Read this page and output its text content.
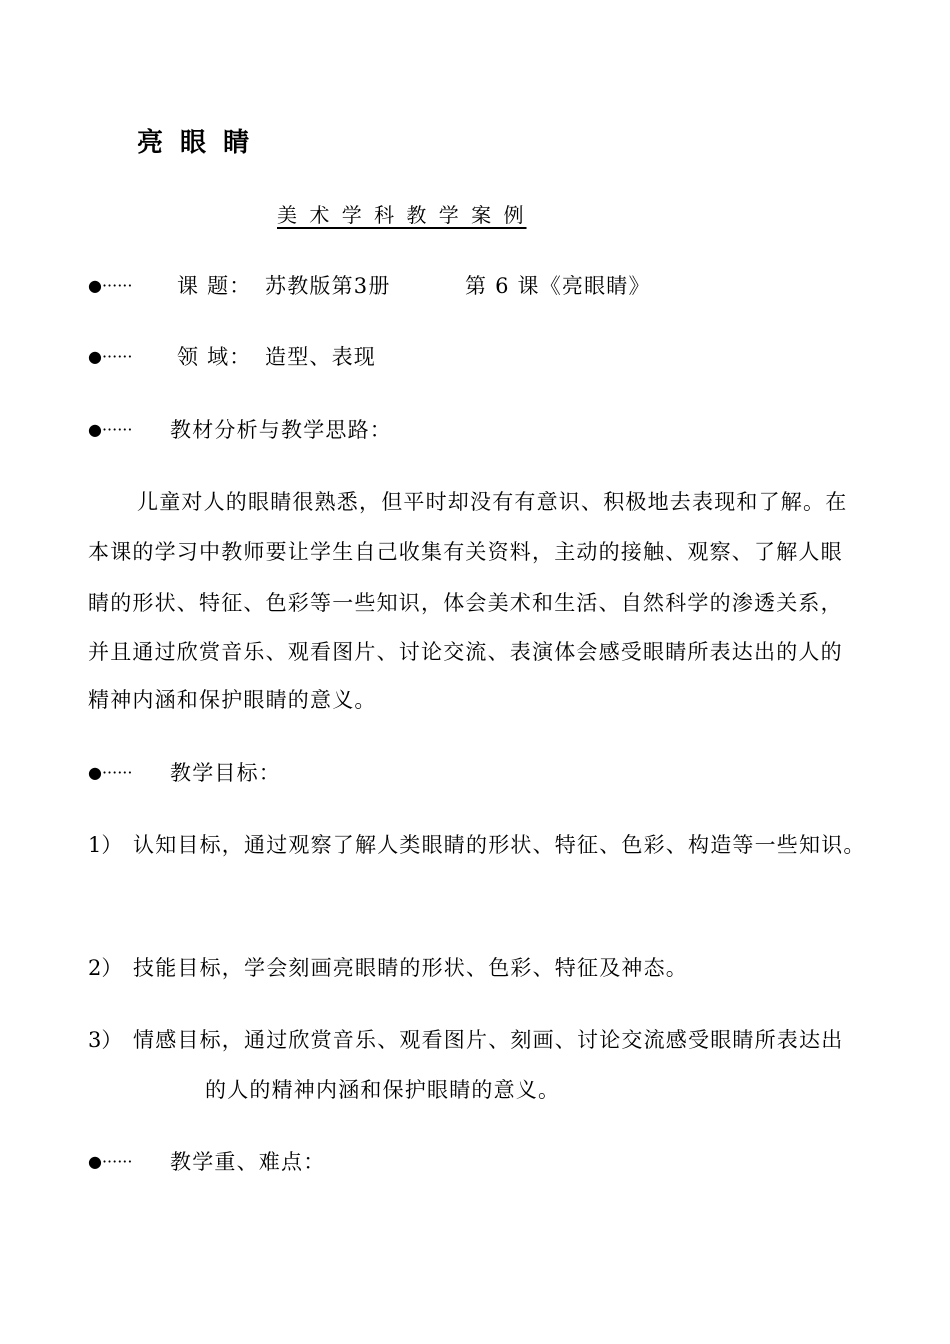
亮 眼 睛
美 术 学 科 教 学 案 例
●······ 课 题： 苏教版第3册	第 6 课《亮眼睛》
●······ 领 域： 造型、表现
●······ 教材分析与教学思路：
儿童对人的眼睛很熟悉，但平时却没有有意识、积极地去表现和了解。在
本课的学习中教师要让学生自己收集有关资料，主动的接触、观察、了解人眼
睛的形状、特征、色彩等一些知识，体会美术和生活、自然科学的渗透关系，
并且通过欣赏音乐、观看图片、讨论交流、表演体会感受眼睛所表达出的人的
精神内涵和保护眼睛的意义。
●······ 教学目标：
1） 认知目标，通过观察了解人类眼睛的形状、特征、色彩、构造等一些知识。
2） 技能目标，学会刻画亮眼睛的形状、色彩、特征及神态。
3） 情感目标，通过欣赏音乐、观看图片、刻画、讨论交流感受眼睛所表达出
的人的精神内涵和保护眼睛的意义。
●······ 教学重、难点：
